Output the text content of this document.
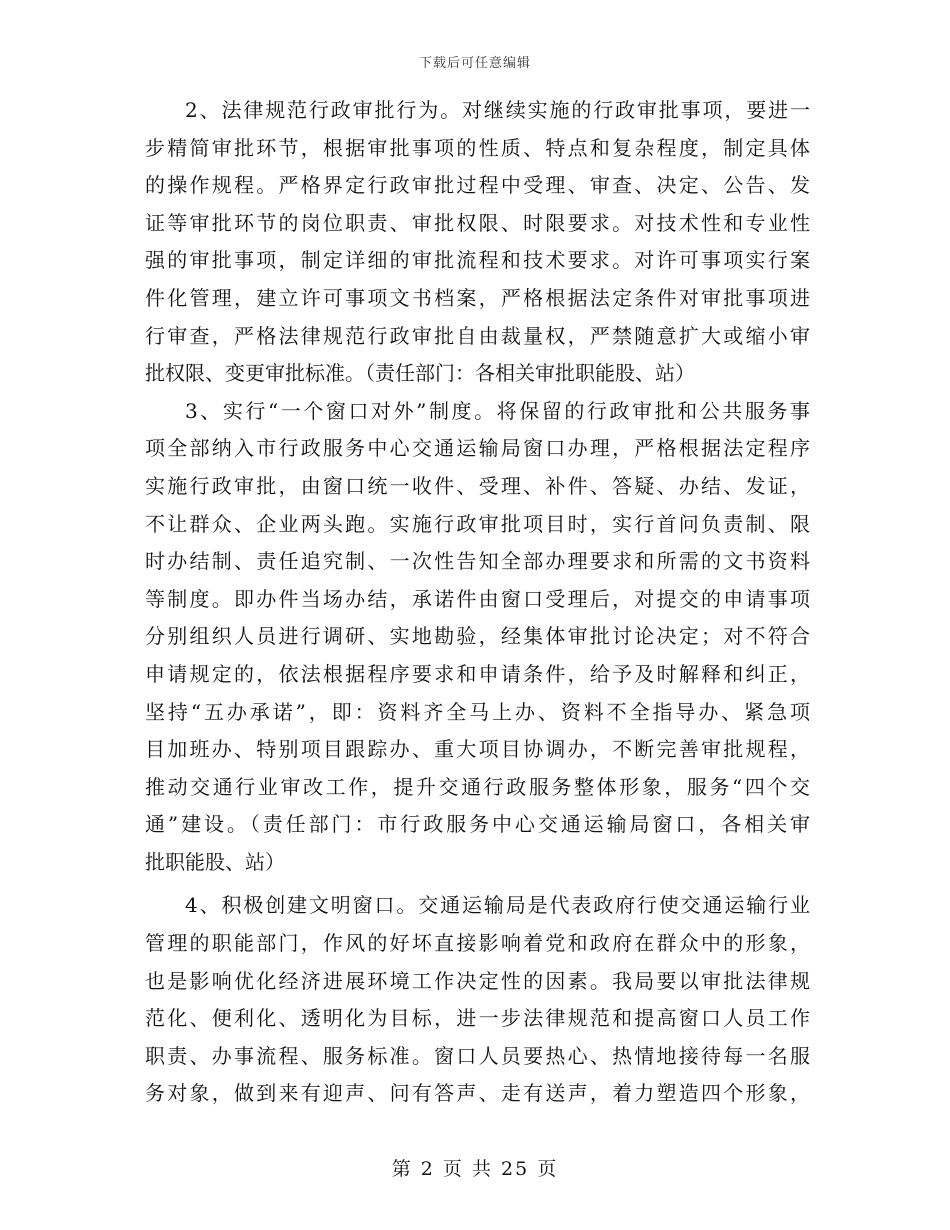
下载后可任意编辑
2、法律规范行政审批行为。对继续实施的行政审批事项，要进一
步精简审批环节，根据审批事项的性质、特点和复杂程度，制定具体
的操作规程。严格界定行政审批过程中受理、审查、决定、公告、发
证等审批环节的岗位职责、审批权限、时限要求。对技术性和专业性
强的审批事项，制定详细的审批流程和技术要求。对许可事项实行案
件化管理，建立许可事项文书档案，严格根据法定条件对审批事项进
行审查，严格法律规范行政审批自由裁量权，严禁随意扩大或缩小审
批权限、变更审批标准。（责任部门：各相关审批职能股、站）
3、实行“一个窗口对外”制度。将保留的行政审批和公共服务事
项全部纳入市行政服务中心交通运输局窗口办理，严格根据法定程序
实施行政审批，由窗口统一收件、受理、补件、答疑、办结、发证，
不让群众、企业两头跑。实施行政审批项目时，实行首问负责制、限
时办结制、责任追究制、一次性告知全部办理要求和所需的文书资料
等制度。即办件当场办结，承诺件由窗口受理后，对提交的申请事项
分别组织人员进行调研、实地勘验，经集体审批讨论决定；对不符合
申请规定的，依法根据程序要求和申请条件，给予及时解释和纠正，
坚持“五办承诺”，即：资料齐全马上办、资料不全指导办、紧急项
目加班办、特别项目跟踪办、重大项目协调办，不断完善审批规程，
推动交通行业审改工作，提升交通行政服务整体形象，服务“四个交
通”建设。（责任部门：市行政服务中心交通运输局窗口，各相关审
批职能股、站）
4、积极创建文明窗口。交通运输局是代表政府行使交通运输行业
管理的职能部门，作风的好坏直接影响着党和政府在群众中的形象，
也是影响优化经济进展环境工作决定性的因素。我局要以审批法律规
范化、便利化、透明化为目标，进一步法律规范和提高窗口人员工作
职责、办事流程、服务标准。窗口人员要热心、热情地接待每一名服
务对象，做到来有迎声、问有答声、走有送声，着力塑造四个形象，
第 2 页 共 25 页
